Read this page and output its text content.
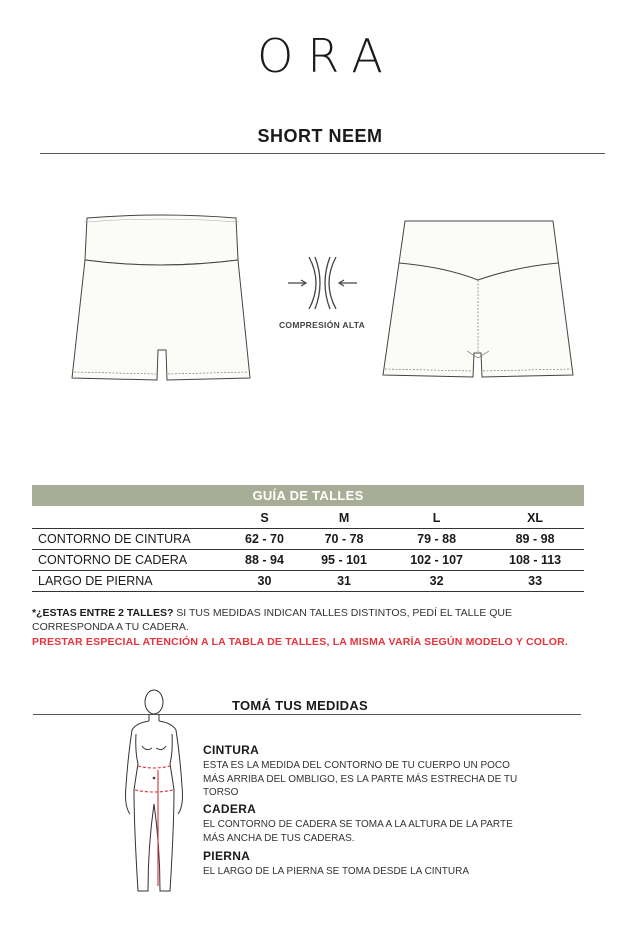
ORA
SHORT NEEM
COMPRESIÓN ALTA
GUÍA DE TALLES
	S	M	L	XL
CONTORNO DE CINTURA	62 - 70	70 - 78	79 - 88	89 - 98
CONTORNO DE CADERA	88 - 94	95 - 101	102 - 107	108 - 113
LARGO DE PIERNA	30	31	32	33
*¿ESTAS ENTRE 2 TALLES? SI TUS MEDIDAS INDICAN TALLES DISTINTOS, PEDÍ EL TALLE QUE CORRESPONDA A TU CADERA.
PRESTAR ESPECIAL ATENCIÓN A LA TABLA DE TALLES, LA MISMA VARÍA SEGÚN MODELO Y COLOR.
TOMÁ TUS MEDIDAS
CINTURA
ESTA ES LA MEDIDA DEL CONTORNO DE TU CUERPO UN POCO MÁS ARRIBA DEL OMBLIGO, ES LA PARTE MÁS ESTRECHA DE TU TORSO
CADERA
EL CONTORNO DE CADERA SE TOMA A LA ALTURA DE LA PARTE MÁS ANCHA DE TUS CADERAS.
PIERNA
EL LARGO DE LA PIERNA SE TOMA DESDE LA CINTURA
